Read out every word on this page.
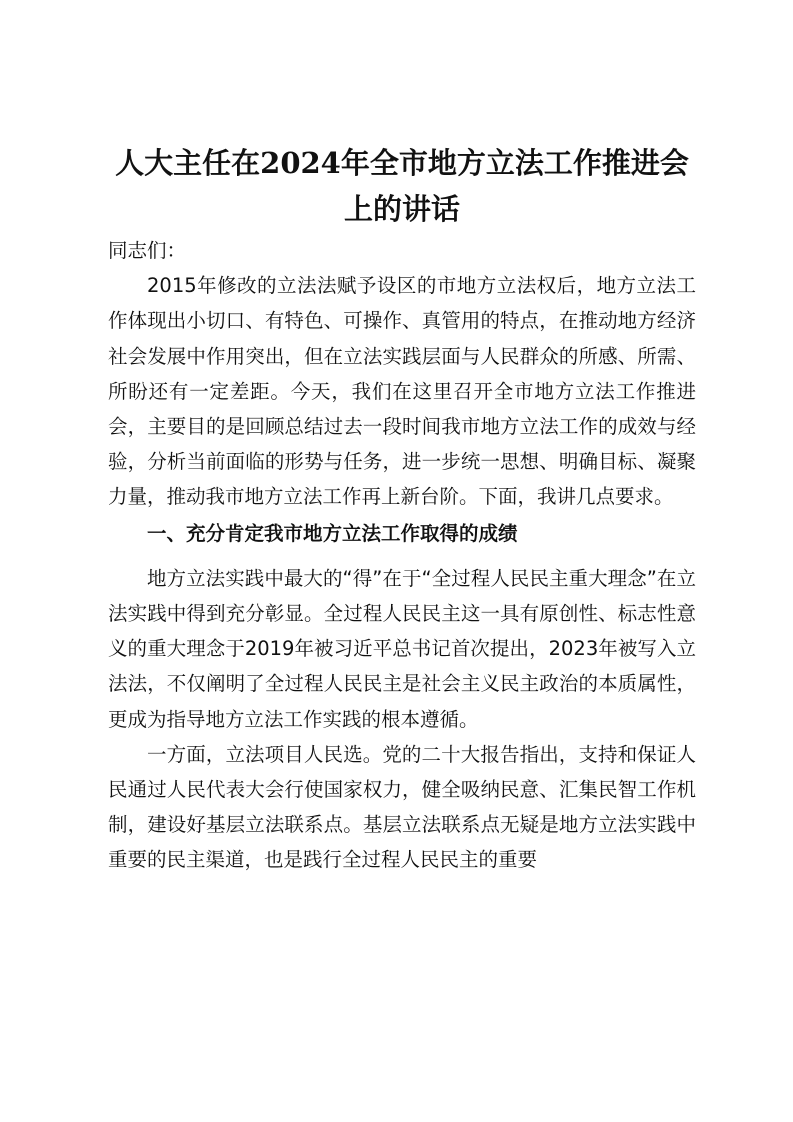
人大主任在2024年全市地方立法工作推进会上的讲话

同志们：

2015年修改的立法法赋予设区的市地方立法权后，地方立法工作体现出小切口、有特色、可操作、真管用的特点，在推动地方经济社会发展中作用突出，但在立法实践层面与人民群众的所感、所需、所盼还有一定差距。今天，我们在这里召开全市地方立法工作推进会，主要目的是回顾总结过去一段时间我市地方立法工作的成效与经验，分析当前面临的形势与任务，进一步统一思想、明确目标、凝聚力量，推动我市地方立法工作再上新台阶。下面，我讲几点要求。

一、充分肯定我市地方立法工作取得的成绩

地方立法实践中最大的“得”在于“全过程人民民主重大理念”在立法实践中得到充分彰显。全过程人民民主这一具有原创性、标志性意义的重大理念于2019年被习近平总书记首次提出，2023年被写入立法法，不仅阐明了全过程人民民主是社会主义民主政治的本质属性，更成为指导地方立法工作实践的根本遵循。

一方面，立法项目人民选。党的二十大报告指出，支持和保证人民通过人民代表大会行使国家权力，健全吸纳民意、汇集民智工作机制，建设好基层立法联系点。基层立法联系点无疑是地方立法实践中重要的民主渠道，也是践行全过程人民民主的重要
